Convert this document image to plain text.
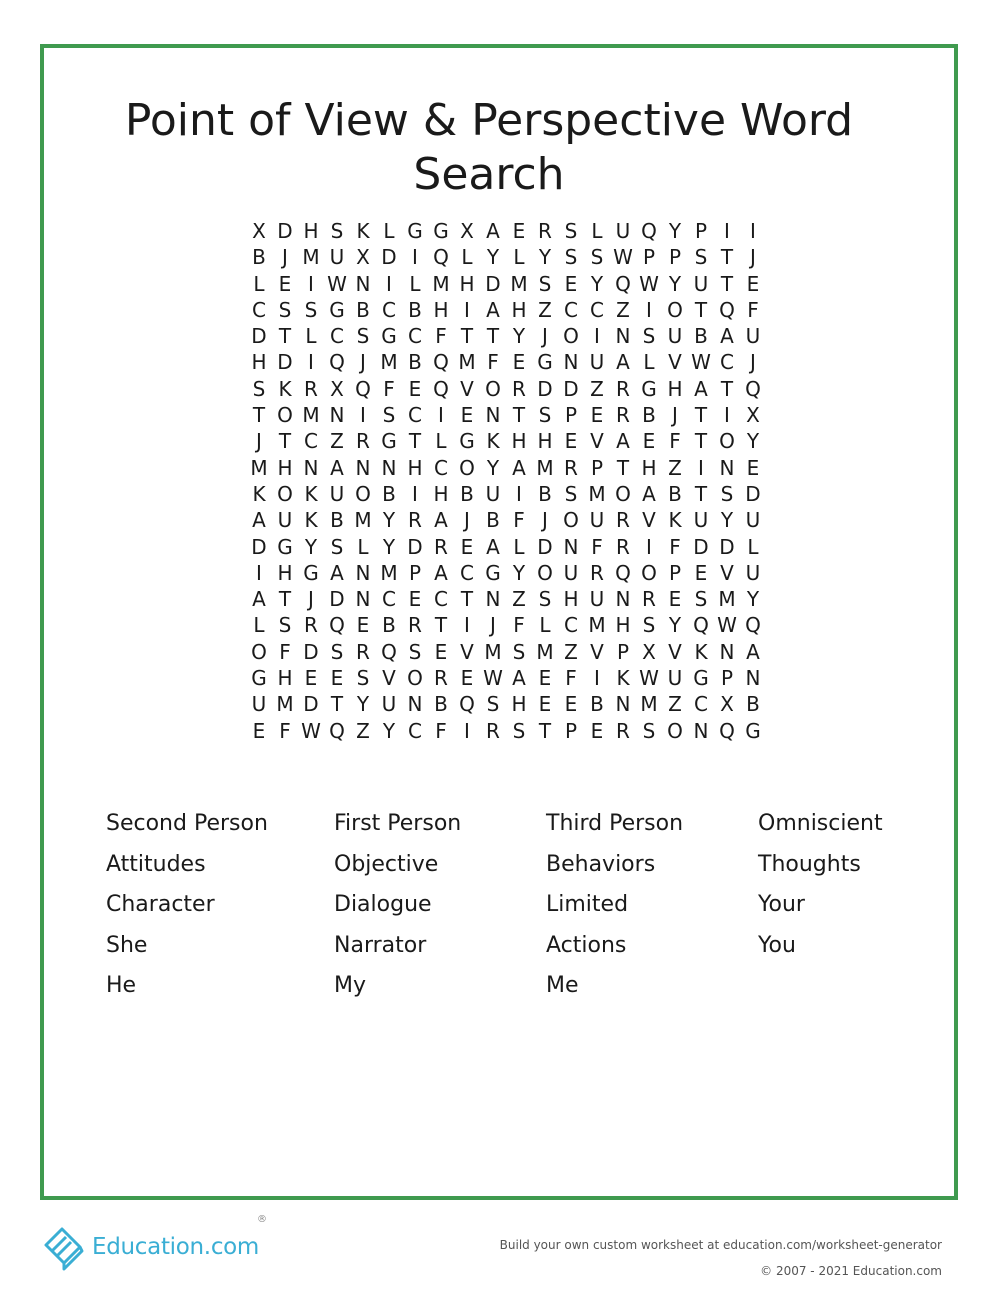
Point of View & Perspective Word
Search
X D H S K L G G X A E R S L U Q Y P I	I
B J M U X D I Q L Y L Y S S W P P S T J
L E I W N I L M H D M S E Y Q W Y U T E
C S S G B C B H I A H Z C C Z I O T Q F
D T L C S G C F T T Y J O I N S U B A U
H D I Q J M B Q M F E G N U A L V W C J
S K R X Q F E Q V O R D D Z R G H A T Q
T O M N I S C I E N T S P E R B J T I X
J T C Z R G T L G K H H E V A E F T O Y
M H N A N N H C O Y A M R P T H Z I N E
K O K U O B I H B U I B S M O A B T S D
A U K B M Y R A J B F J O U R V K U Y U
D G Y S L Y D R E A L D N F R I F D D L
I H G A N M P A C G Y O U R Q O P E V U
A T J D N C E C T N Z S H U N R E S M Y
L S R Q E B R T I	J F L C M H S Y Q W Q
O F D S R Q S E V M S M Z V P X V K N A
G H E E S V O R E W A E F I K W U G P N
U M D T Y U N B Q S H E E B N M Z C X B
E F W Q Z Y C F I R S T P E R S O N Q G
Second Person	First Person	Third Person	Omniscient
Attitudes	Objective	Behaviors	Thoughts
Character	Dialogue	Limited	Your
She	Narrator	Actions	You
He	My	Me
Education.com
®
Build your own custom worksheet at education.com/worksheet-generator
© 2007 - 2021 Education.com
